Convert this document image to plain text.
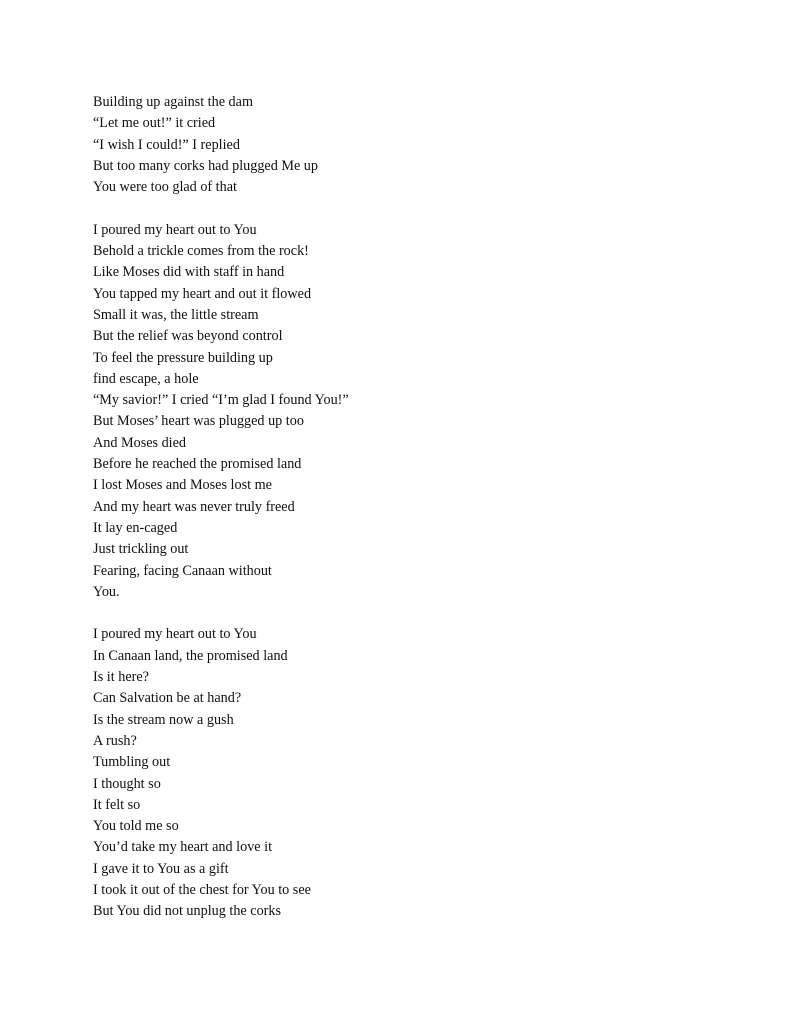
Building up against the dam
“Let me out!” it cried
“I wish I could!” I replied
But too many corks had plugged Me up
You were too glad of that
I poured my heart out to You
Behold a trickle comes from the rock!
Like Moses did with staff in hand
You tapped my heart and out it flowed
Small it was, the little stream
But the relief was beyond control
To feel the pressure building up
find escape, a hole
“My savior!” I cried “I’m glad I found You!”
But Moses’ heart was plugged up too
And Moses died
Before he reached the promised land
I lost Moses and Moses lost me
And my heart was never truly freed
It lay en-caged
Just trickling out
Fearing, facing Canaan without
You.
I poured my heart out to You
In Canaan land, the promised land
Is it here?
Can Salvation be at hand?
Is the stream now a gush
A rush?
Tumbling out
I thought so
It felt so
You told me so
You’d take my heart and love it
I gave it to You as a gift
I took it out of the chest for You to see
But You did not unplug the corks
